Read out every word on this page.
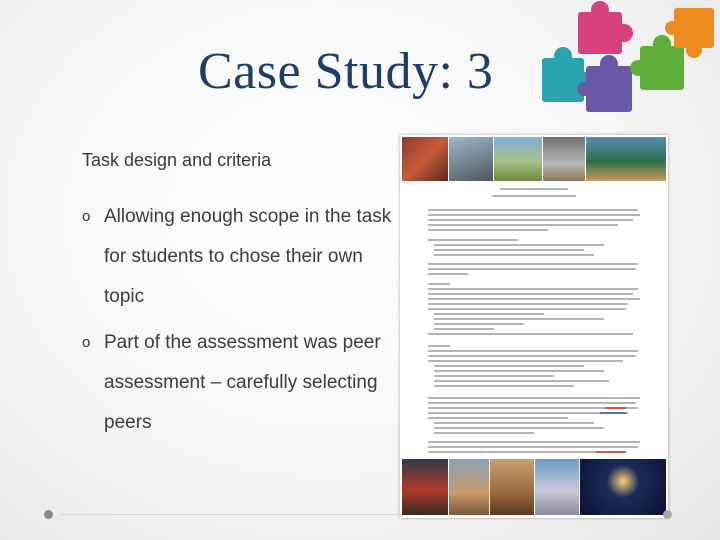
Case Study: 3
Task design and criteria
o Allowing enough scope in the task for students to chose their own topic
o Part of the assessment was peer assessment – carefully selecting peers
